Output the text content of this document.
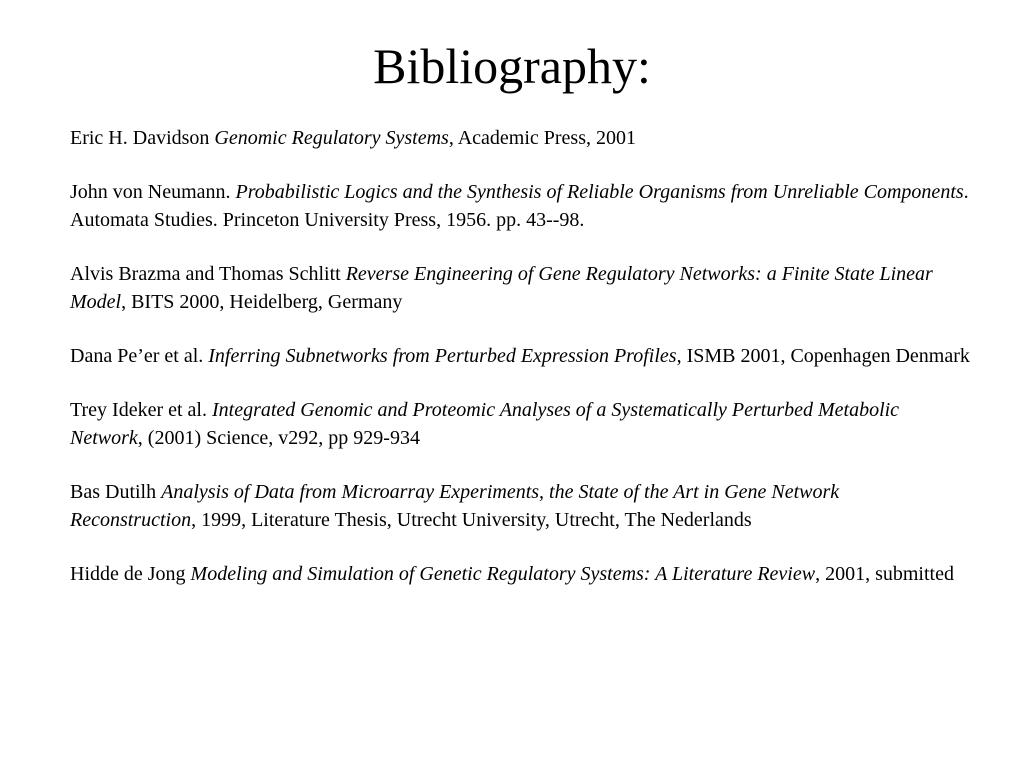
Bibliography:
Eric H. Davidson Genomic Regulatory Systems, Academic Press, 2001
John von Neumann. Probabilistic Logics and the Synthesis of Reliable Organisms from Unreliable Components. Automata Studies. Princeton University Press, 1956. pp. 43--98.
Alvis Brazma and Thomas Schlitt Reverse Engineering of Gene Regulatory Networks: a Finite State Linear Model, BITS 2000, Heidelberg, Germany
Dana Pe’er et al. Inferring Subnetworks from Perturbed Expression Profiles, ISMB 2001, Copenhagen Denmark
Trey Ideker et al. Integrated Genomic and Proteomic Analyses of a Systematically Perturbed Metabolic Network, (2001) Science, v292, pp 929-934
Bas Dutilh Analysis of Data from Microarray Experiments, the State of the Art in Gene Network Reconstruction, 1999, Literature Thesis, Utrecht University, Utrecht, The Nederlands
Hidde de Jong Modeling and Simulation of Genetic Regulatory Systems: A Literature Review, 2001, submitted
